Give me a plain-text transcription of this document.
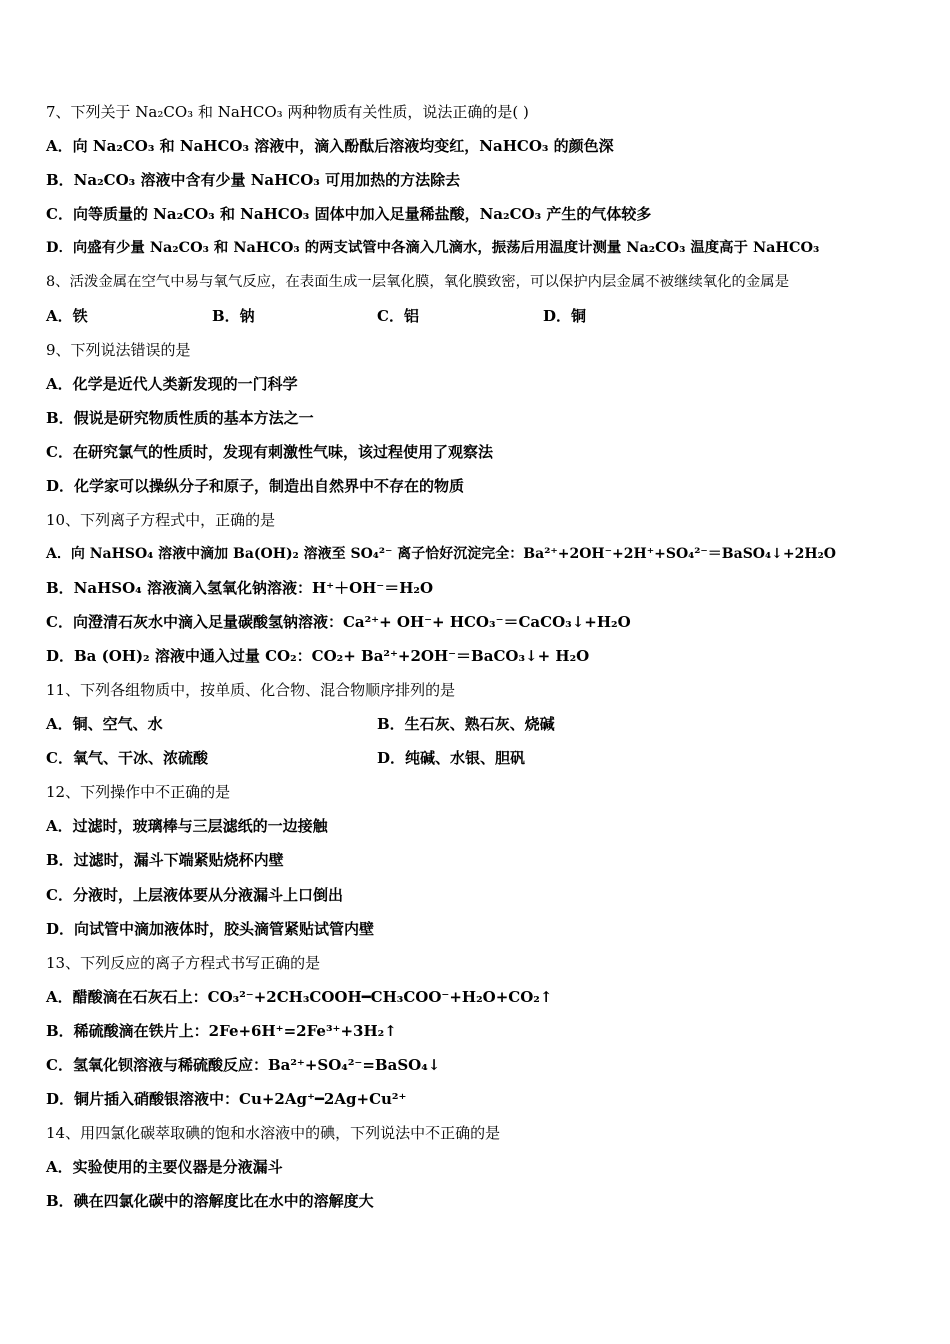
7、下列关于 Na₂CO₃ 和 NaHCO₃ 两种物质有关性质，说法正确的是( )
A．向 Na₂CO₃ 和 NaHCO₃ 溶液中，滴入酚酞后溶液均变红，NaHCO₃ 的颜色深
B．Na₂CO₃ 溶液中含有少量 NaHCO₃ 可用加热的方法除去
C．向等质量的 Na₂CO₃ 和 NaHCO₃ 固体中加入足量稀盐酸，Na₂CO₃ 产生的气体较多
D．向盛有少量 Na₂CO₃ 和 NaHCO₃ 的两支试管中各滴入几滴水，振荡后用温度计测量 Na₂CO₃ 温度高于 NaHCO₃
8、活泼金属在空气中易与氧气反应，在表面生成一层氧化膜，氧化膜致密，可以保护内层金属不被继续氧化的金属是
A．铁	B．钠	C．铝	D．铜
9、下列说法错误的是
A．化学是近代人类新发现的一门科学
B．假说是研究物质性质的基本方法之一
C．在研究氯气的性质时，发现有刺激性气味，该过程使用了观察法
D．化学家可以操纵分子和原子，制造出自然界中不存在的物质
10、下列离子方程式中，正确的是
A．向 NaHSO₄ 溶液中滴加 Ba(OH)₂ 溶液至 SO₄²⁻ 离子恰好沉淀完全：Ba²⁺+2OH⁻+2H⁺+SO₄²⁻＝BaSO₄↓+2H₂O
B．NaHSO₄ 溶液滴入氢氧化钠溶液：H⁺＋OH⁻＝H₂O
C．向澄清石灰水中滴入足量碳酸氢钠溶液：Ca²⁺+ OH⁻+ HCO₃⁻＝CaCO₃↓+H₂O
D．Ba (OH)₂ 溶液中通入过量 CO₂：CO₂+ Ba²⁺+2OH⁻＝BaCO₃↓+ H₂O
11、下列各组物质中，按单质、化合物、混合物顺序排列的是
A．铜、空气、水	B．生石灰、熟石灰、烧碱
C．氧气、干冰、浓硫酸	D．纯碱、水银、胆矾
12、下列操作中不正确的是
A．过滤时，玻璃棒与三层滤纸的一边接触
B．过滤时，漏斗下端紧贴烧杯内壁
C．分液时，上层液体要从分液漏斗上口倒出
D．向试管中滴加液体时，胶头滴管紧贴试管内壁
13、下列反应的离子方程式书写正确的是
A．醋酸滴在石灰石上：CO₃²⁻+2CH₃COOH━CH₃COO⁻+H₂O+CO₂↑
B．稀硫酸滴在铁片上：2Fe+6H⁺=2Fe³⁺+3H₂↑
C．氢氧化钡溶液与稀硫酸反应：Ba²⁺+SO₄²⁻=BaSO₄↓
D．铜片插入硝酸银溶液中：Cu+2Ag⁺━2Ag+Cu²⁺
14、用四氯化碳萃取碘的饱和水溶液中的碘，下列说法中不正确的是
A．实验使用的主要仪器是分液漏斗
B．碘在四氯化碳中的溶解度比在水中的溶解度大
